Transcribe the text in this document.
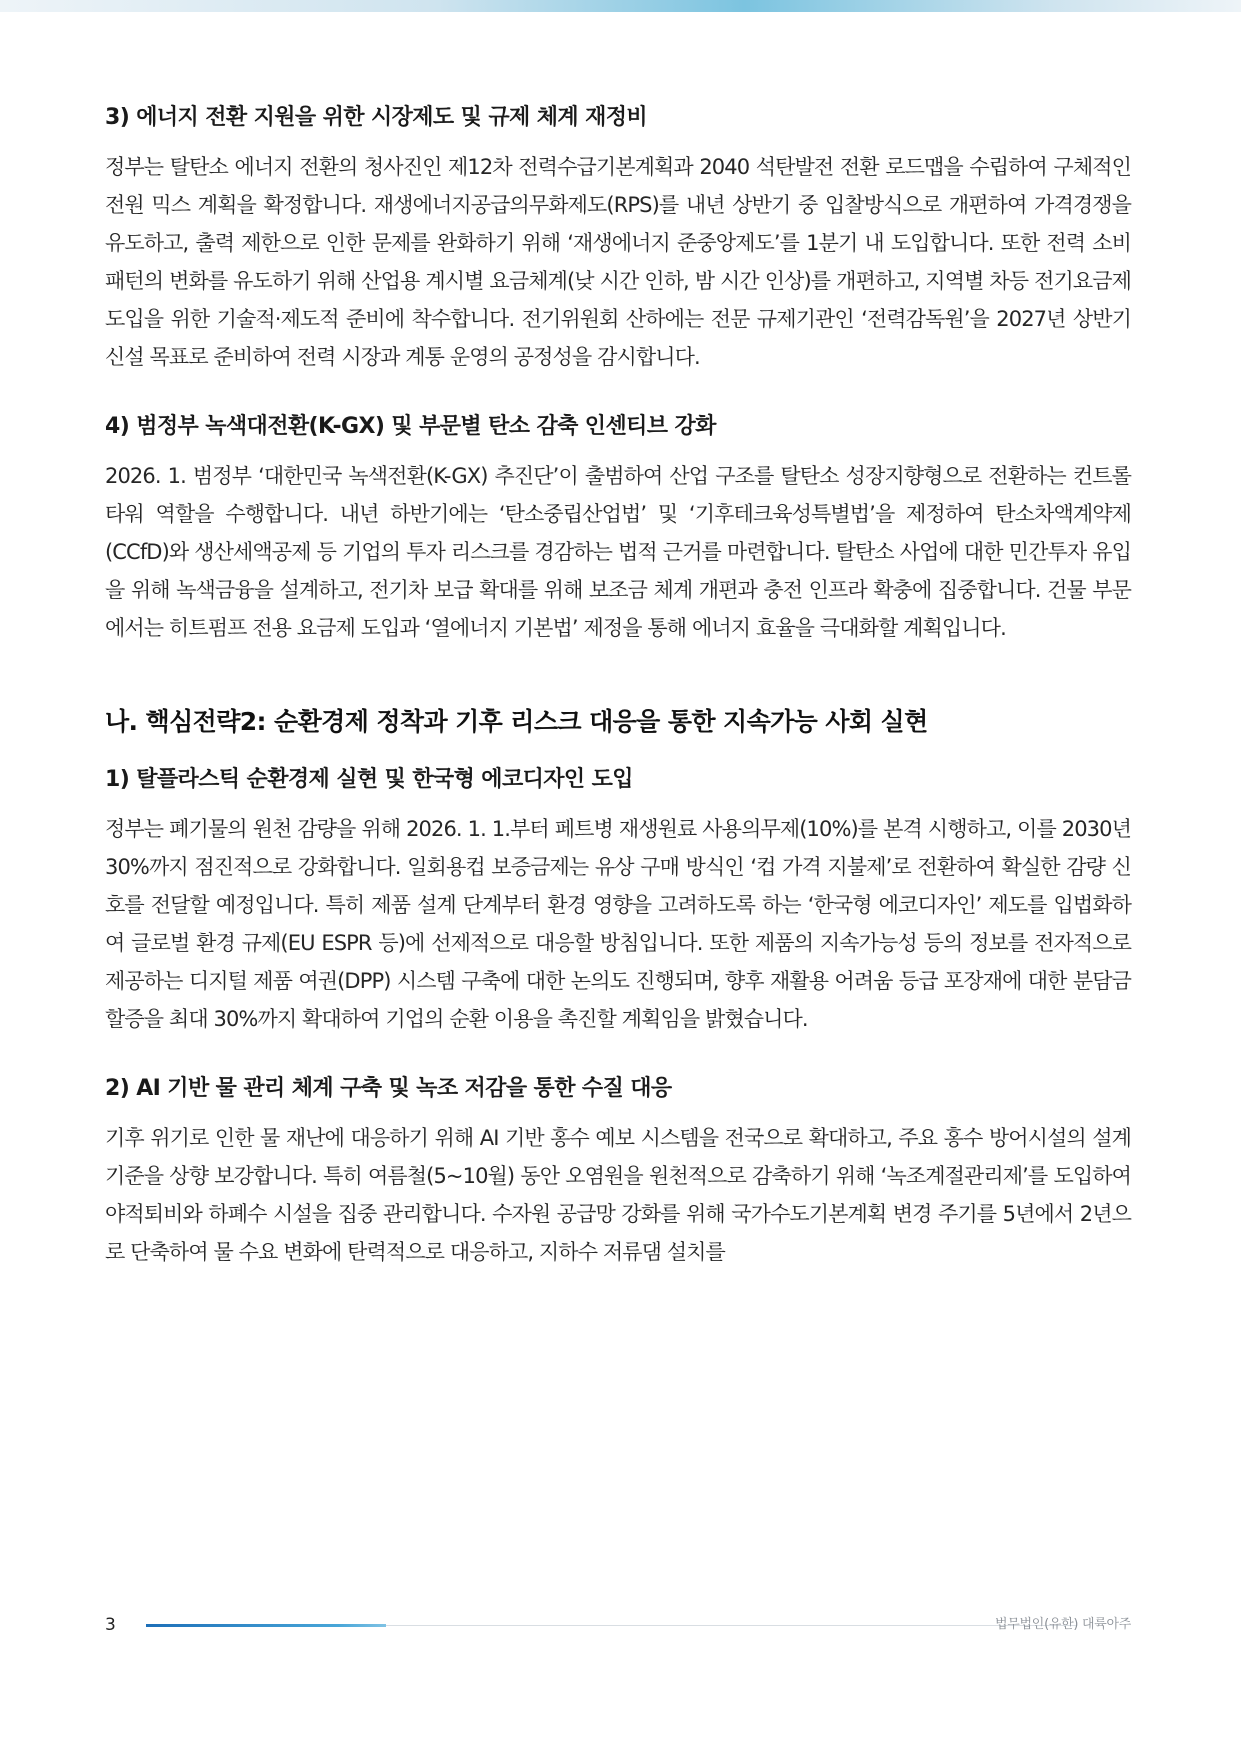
3) 에너지 전환 지원을 위한 시장제도 및 규제 체계 재정비

정부는 탈탄소 에너지 전환의 청사진인 제12차 전력수급기본계획과 2040 석탄발전 전환 로드맵을 수립하여 구체적인 전원 믹스 계획을 확정합니다. 재생에너지공급의무화제도(RPS)를 내년 상반기 중 입찰방식으로 개편하여 가격경쟁을 유도하고, 출력 제한으로 인한 문제를 완화하기 위해 ‘재생에너지 준중앙제도’를 1분기 내 도입합니다. 또한 전력 소비 패턴의 변화를 유도하기 위해 산업용 계시별 요금체계(낮 시간 인하, 밤 시간 인상)를 개편하고, 지역별 차등 전기요금제 도입을 위한 기술적·제도적 준비에 착수합니다. 전기위원회 산하에는 전문 규제기관인 ‘전력감독원’을 2027년 상반기 신설 목표로 준비하여 전력 시장과 계통 운영의 공정성을 감시합니다.

4) 범정부 녹색대전환(K-GX) 및 부문별 탄소 감축 인센티브 강화

2026. 1. 범정부 ‘대한민국 녹색전환(K-GX) 추진단’이 출범하여 산업 구조를 탈탄소 성장지향형으로 전환하는 컨트롤타워 역할을 수행합니다. 내년 하반기에는 ‘탄소중립산업법’ 및 ‘기후테크육성특별법’을 제정하여 탄소차액계약제(CCfD)와 생산세액공제 등 기업의 투자 리스크를 경감하는 법적 근거를 마련합니다. 탈탄소 사업에 대한 민간투자 유입을 위해 녹색금융을 설계하고, 전기차 보급 확대를 위해 보조금 체계 개편과 충전 인프라 확충에 집중합니다. 건물 부문에서는 히트펌프 전용 요금제 도입과 ‘열에너지 기본법’ 제정을 통해 에너지 효율을 극대화할 계획입니다.

나. 핵심전략2: 순환경제 정착과 기후 리스크 대응을 통한 지속가능 사회 실현
1) 탈플라스틱 순환경제 실현 및 한국형 에코디자인 도입

정부는 폐기물의 원천 감량을 위해 2026. 1. 1.부터 페트병 재생원료 사용의무제(10%)를 본격 시행하고, 이를 2030년 30%까지 점진적으로 강화합니다. 일회용컵 보증금제는 유상 구매 방식인 ‘컵 가격 지불제’로 전환하여 확실한 감량 신호를 전달할 예정입니다. 특히 제품 설계 단계부터 환경 영향을 고려하도록 하는 ‘한국형 에코디자인’ 제도를 입법화하여 글로벌 환경 규제(EU ESPR 등)에 선제적으로 대응할 방침입니다. 또한 제품의 지속가능성 등의 정보를 전자적으로 제공하는 디지털 제품 여권(DPP) 시스템 구축에 대한 논의도 진행되며, 향후 재활용 어려움 등급 포장재에 대한 분담금 할증을 최대 30%까지 확대하여 기업의 순환 이용을 촉진할 계획임을 밝혔습니다.

2) AI 기반 물 관리 체계 구축 및 녹조 저감을 통한 수질 대응

기후 위기로 인한 물 재난에 대응하기 위해 AI 기반 홍수 예보 시스템을 전국으로 확대하고, 주요 홍수 방어시설의 설계 기준을 상향 보강합니다. 특히 여름철(5~10월) 동안 오염원을 원천적으로 감축하기 위해 ‘녹조계절관리제’를 도입하여 야적퇴비와 하폐수 시설을 집중 관리합니다. 수자원 공급망 강화를 위해 국가수도기본계획 변경 주기를 5년에서 2년으로 단축하여 물 수요 변화에 탄력적으로 대응하고, 지하수 저류댐 설치를

3	법무법인(유한) 대륙아주
